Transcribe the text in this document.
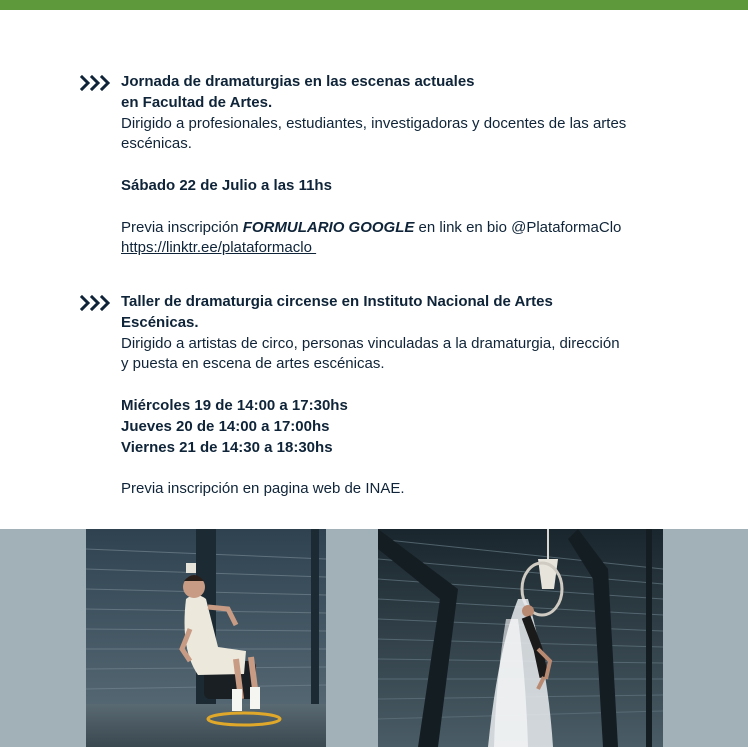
Jornada de dramaturgias en las escenas actuales
en Facultad de Artes.
Dirigido a profesionales, estudiantes, investigadoras y docentes de las artes
escénicas.
Sábado 22 de Julio a las 11hs
Previa inscripción FORMULARIO GOOGLE en link en bio @PlataformaClo
https://linktr.ee/plataformaclo
Taller de dramaturgia circense en Instituto Nacional de Artes
Escénicas.
Dirigido a artistas de circo, personas vinculadas a la dramaturgia, dirección
y puesta en escena de artes escénicas.
Miércoles 19 de 14:00 a 17:30hs
Jueves 20 de 14:00 a 17:00hs
Viernes 21 de 14:30 a 18:30hs
Previa inscripción en pagina web de INAE.
